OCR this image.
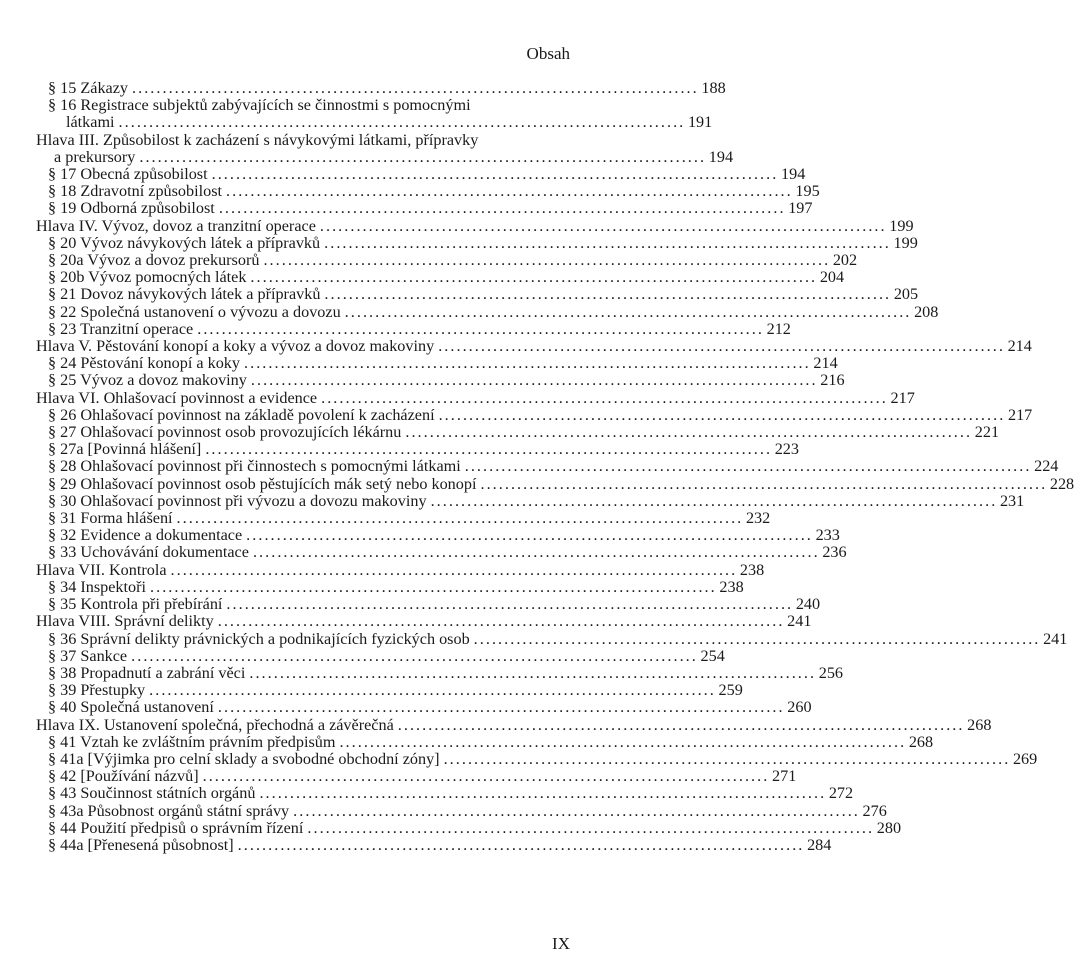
Obsah
§ 15 Zákazy . . .	188
§ 16 Registrace subjektů zabývajících se činnostmi s pomocnými
látkami . . .	191
Hlava III. Způsobilost k zacházení s návykovými látkami, přípravky
a prekursory . . .	194
§ 17 Obecná způsobilost . . .	194
§ 18 Zdravotní způsobilost . . .	195
§ 19 Odborná způsobilost . . .	197
Hlava IV. Vývoz, dovoz a tranzitní operace . . .	199
§ 20 Vývoz návykových látek a přípravků . . .	199
§ 20a Vývoz a dovoz prekursorů . . .	202
§ 20b Vývoz pomocných látek . . .	204
§ 21 Dovoz návykových látek a přípravků . . .	205
§ 22 Společná ustanovení o vývozu a dovozu . . .	208
§ 23 Tranzitní operace . . .	212
Hlava V. Pěstování konopí a koky a vývoz a dovoz makoviny . . .	214
§ 24 Pěstování konopí a koky . . .	214
§ 25 Vývoz a dovoz makoviny . . .	216
Hlava VI. Ohlašovací povinnost a evidence . . .	217
§ 26 Ohlašovací povinnost na základě povolení k zacházení . . .	217
§ 27 Ohlašovací povinnost osob provozujících lékárnu . . .	221
§ 27a [Povinná hlášení] . . .	223
§ 28 Ohlašovací povinnost při činnostech s pomocnými látkami . . .	224
§ 29 Ohlašovací povinnost osob pěstujících mák setý nebo konopí . . .	228
§ 30 Ohlašovací povinnost při vývozu a dovozu makoviny . . .	231
§ 31 Forma hlášení . . .	232
§ 32 Evidence a dokumentace . . .	233
§ 33 Uchovávání dokumentace . . .	236
Hlava VII. Kontrola . . .	238
§ 34 Inspektoři . . .	238
§ 35 Kontrola při přebírání . . .	240
Hlava VIII. Správní delikty . . .	241
§ 36 Správní delikty právnických a podnikajících fyzických osob . . .	241
§ 37 Sankce . . .	254
§ 38 Propadnutí a zabrání věci . . .	256
§ 39 Přestupky . . .	259
§ 40 Společná ustanovení . . .	260
Hlava IX. Ustanovení společná, přechodná a závěrečná . . .	268
§ 41 Vztah ke zvláštním právním předpisům . . .	268
§ 41a [Výjimka pro celní sklady a svobodné obchodní zóny] . . .	269
§ 42 [Používání názvů] . . .	271
§ 43 Součinnost státních orgánů . . .	272
§ 43a Působnost orgánů státní správy . . .	276
§ 44 Použití předpisů o správním řízení . . .	280
§ 44a [Přenesená působnost] . . .	284
IX
